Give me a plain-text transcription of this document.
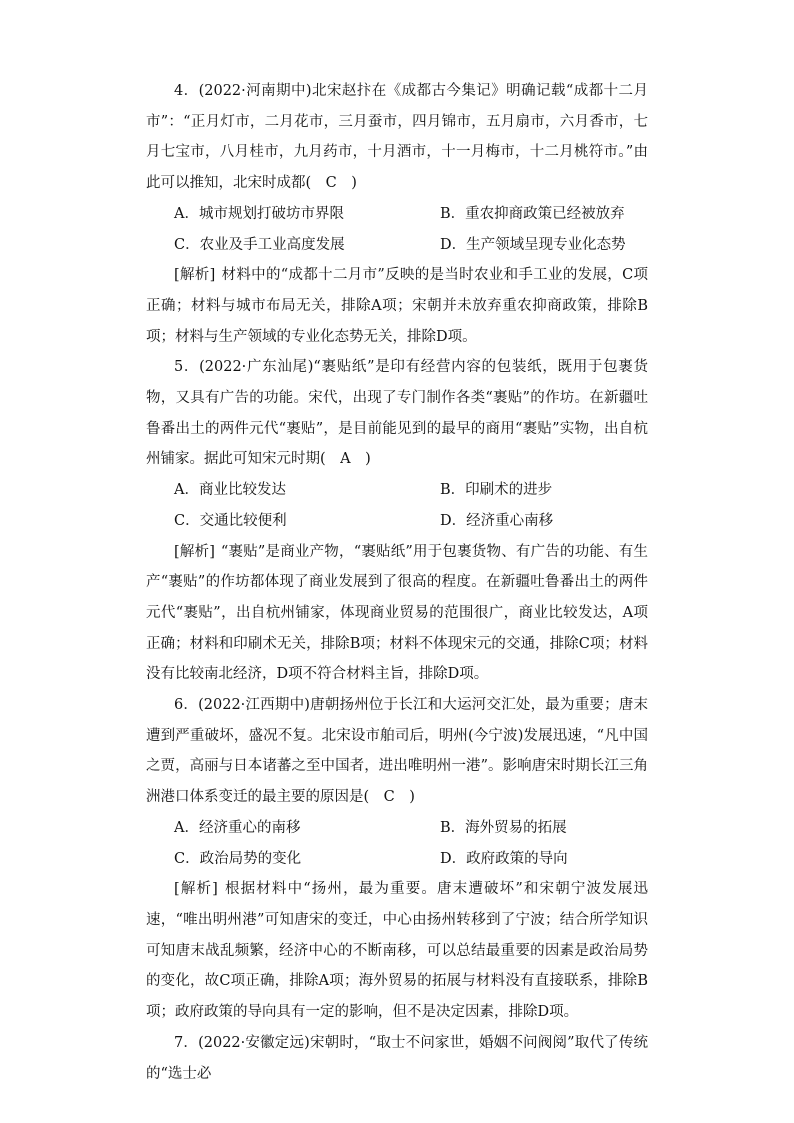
4．(2022·河南期中)北宋赵抃在《成都古今集记》明确记载“成都十二月市”：“正月灯市，二月花市，三月蚕市，四月锦市，五月扇市，六月香市，七月七宝市，八月桂市，九月药市，十月酒市，十一月梅市，十二月桃符市。”由此可以推知，北宋时成都(　C　)

A．城市规划打破坊市界限	B．重农抑商政策已经被放弃
C．农业及手工业高度发展	D．生产领域呈现专业化态势

[解析] 材料中的“成都十二月市”反映的是当时农业和手工业的发展，C项正确；材料与城市布局无关，排除A项；宋朝并未放弃重农抑商政策，排除B项；材料与生产领域的专业化态势无关，排除D项。

5．(2022·广东汕尾)“裹贴纸”是印有经营内容的包装纸，既用于包裹货物，又具有广告的功能。宋代，出现了专门制作各类“裹贴”的作坊。在新疆吐鲁番出土的两件元代“裹贴”，是目前能见到的最早的商用“裹贴”实物，出自杭州铺家。据此可知宋元时期(　A　)

A．商业比较发达	B．印刷术的进步
C．交通比较便利	D．经济重心南移

[解析] “裹贴”是商业产物，“裹贴纸”用于包裹货物、有广告的功能、有生产“裹贴”的作坊都体现了商业发展到了很高的程度。在新疆吐鲁番出土的两件元代“裹贴”，出自杭州铺家，体现商业贸易的范围很广，商业比较发达，A项正确；材料和印刷术无关，排除B项；材料不体现宋元的交通，排除C项；材料没有比较南北经济，D项不符合材料主旨，排除D项。

6．(2022·江西期中)唐朝扬州位于长江和大运河交汇处，最为重要；唐末遭到严重破坏，盛况不复。北宋设市舶司后，明州(今宁波)发展迅速，“凡中国之贾，高丽与日本诸蕃之至中国者，进出唯明州一港”。影响唐宋时期长江三角洲港口体系变迁的最主要的原因是(　C　)

A．经济重心的南移	B．海外贸易的拓展
C．政治局势的变化	D．政府政策的导向

[解析] 根据材料中“扬州，最为重要。唐末遭破坏”和宋朝宁波发展迅速，“唯出明州港”可知唐宋的变迁，中心由扬州转移到了宁波；结合所学知识可知唐末战乱频繁，经济中心的不断南移，可以总结最重要的因素是政治局势的变化，故C项正确，排除A项；海外贸易的拓展与材料没有直接联系，排除B项；政府政策的导向具有一定的影响，但不是决定因素，排除D项。

7．(2022·安徽定远)宋朝时，“取士不问家世，婚姻不问阀阅”取代了传统的“选士必
